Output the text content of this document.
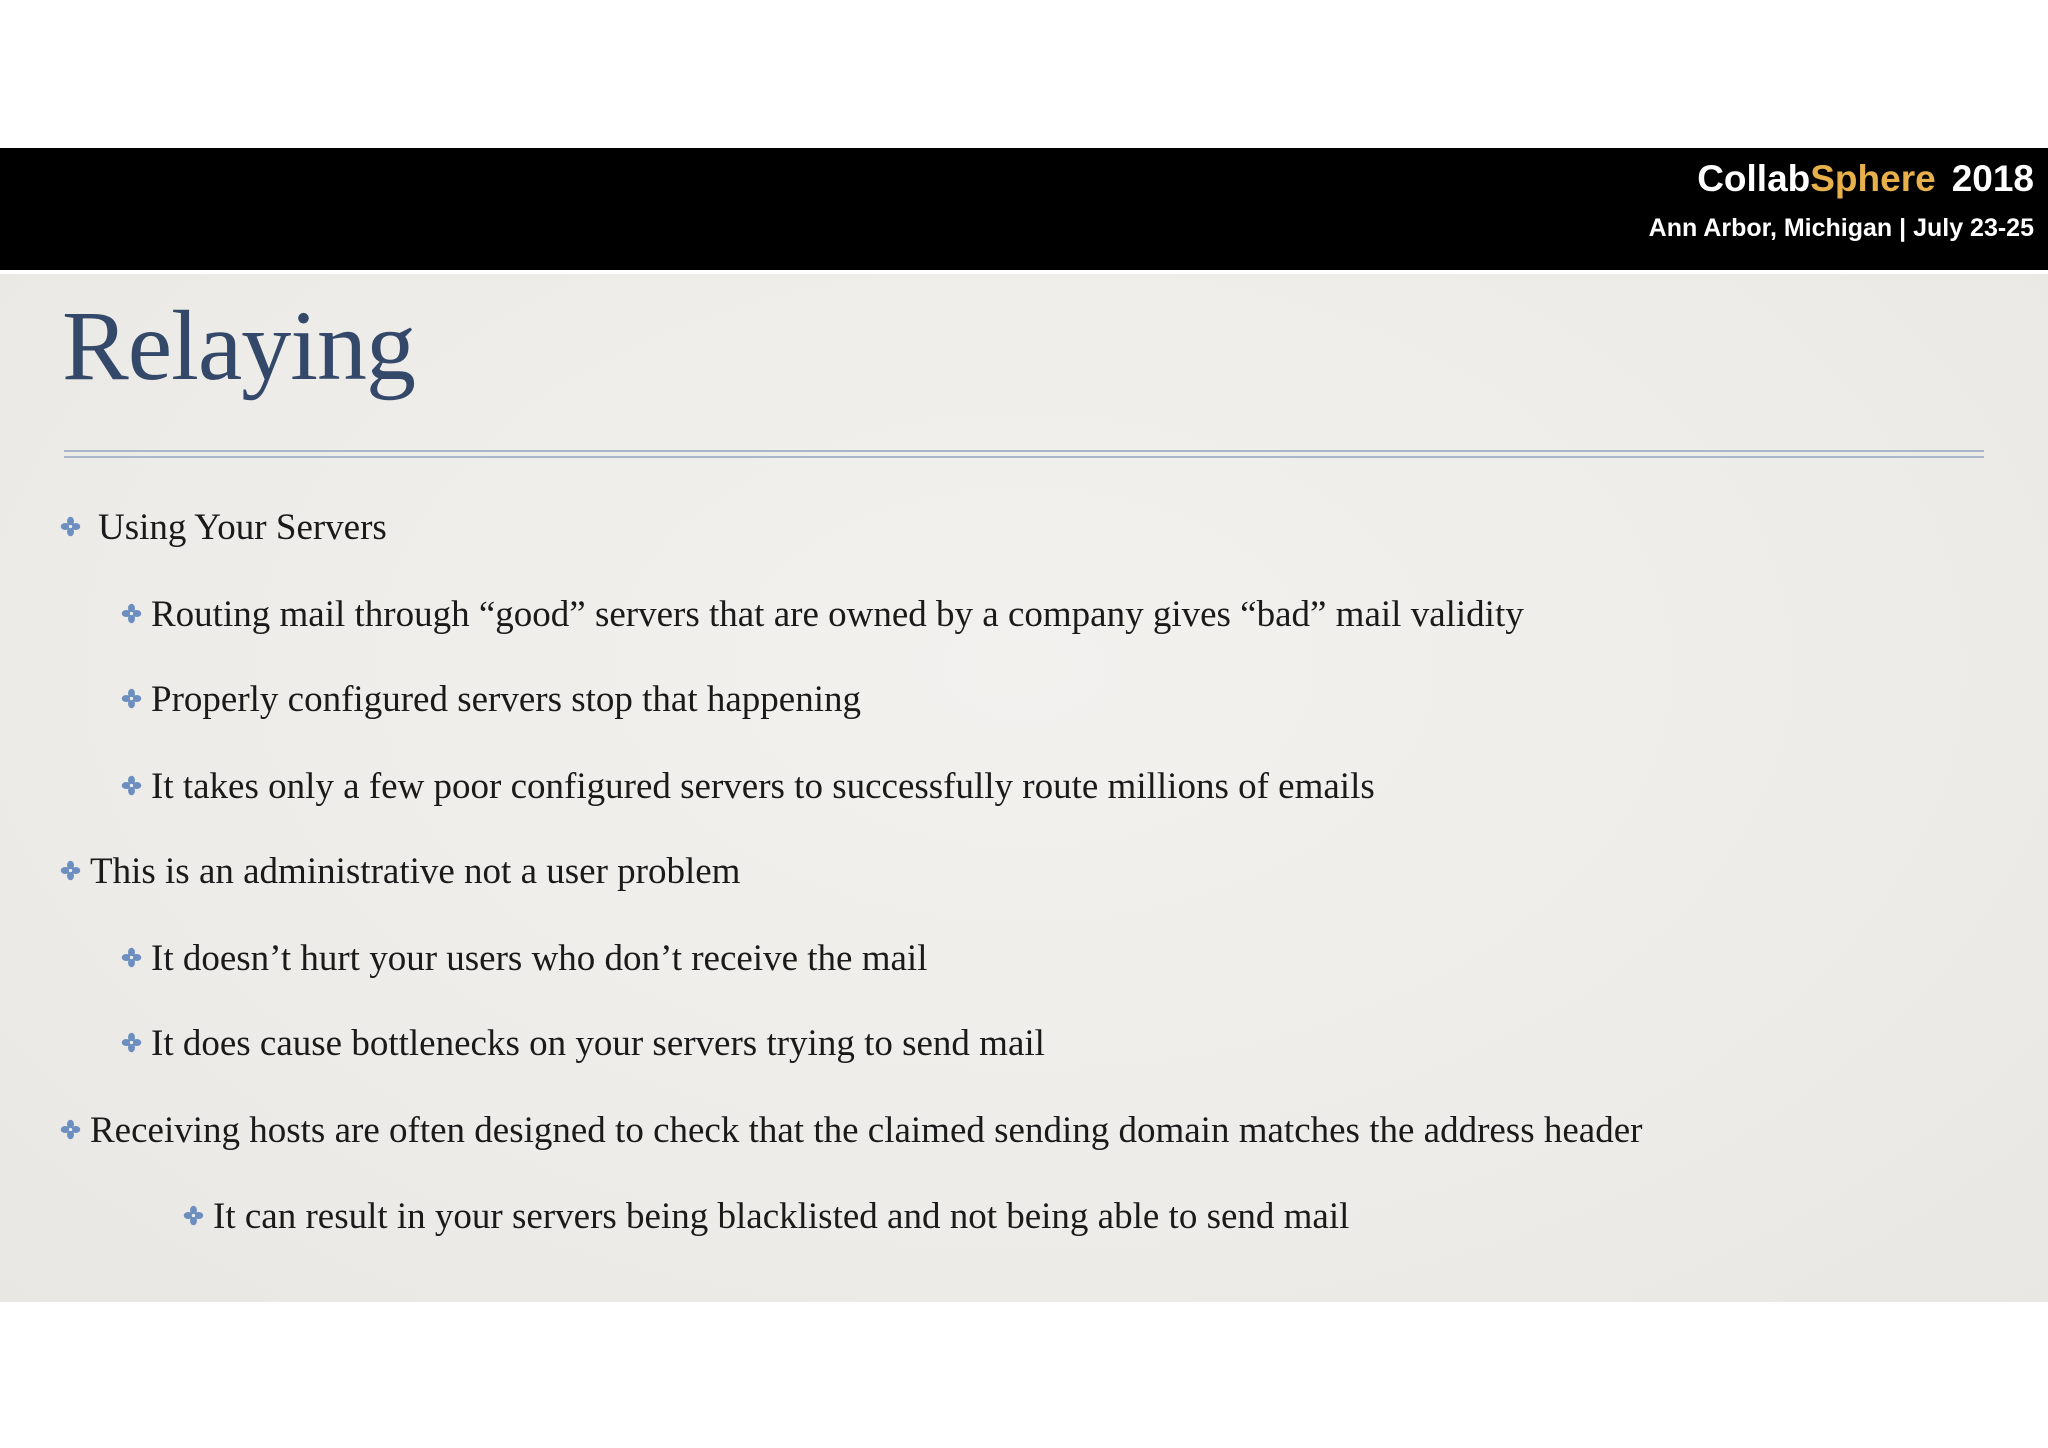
CollabSphere 2018
Ann Arbor, Michigan | July 23-25
Relaying
Using Your Servers
Routing mail through “good” servers that are owned by a company gives “bad” mail validity
Properly configured servers stop that happening
It takes only a few poor configured servers to successfully route millions of emails
This is an administrative not a user problem
It doesn’t hurt your users who don’t receive the mail
It does cause bottlenecks on your servers trying to send mail
Receiving hosts are often designed to check that the claimed sending domain matches the address header
It can result in your servers being blacklisted and not being able to send mail
